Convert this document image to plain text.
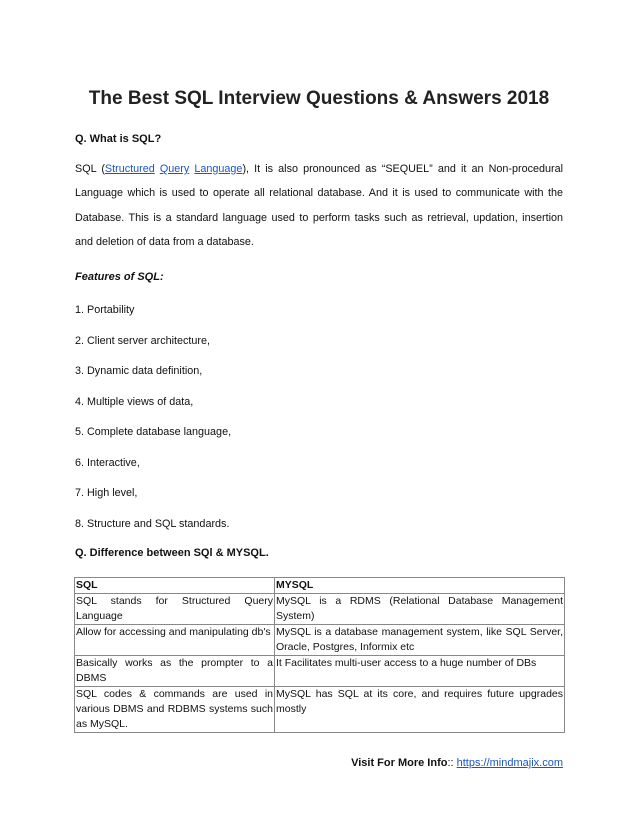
The Best SQL Interview Questions & Answers 2018
Q. What is SQL?
SQL (Structured Query Language), It is also pronounced as “SEQUEL” and it an Non-procedural Language which is used to operate all relational database. And it is used to communicate with the Database. This is a standard language used to perform tasks such as retrieval, updation, insertion and deletion of data from a database.
Features of SQL:
1. Portability
2. Client server architecture,
3. Dynamic data definition,
4. Multiple views of data,
5. Complete database language,
6. Interactive,
7. High level,
8. Structure and SQL standards.
Q. Difference between SQl & MYSQL.
SQL	MYSQL
SQL stands for Structured Query Language	MySQL is a RDMS (Relational Database Management System)
Allow for accessing and manipulating db's	MySQL is a database management system, like SQL Server, Oracle, Postgres, Informix etc
Basically works as the prompter to a DBMS	It Facilitates multi-user access to a huge number of DBs
SQL codes & commands are used in various DBMS and RDBMS systems such as MySQL.	MySQL has SQL at its core, and requires future upgrades mostly
Visit For More Info:: https://mindmajix.com
